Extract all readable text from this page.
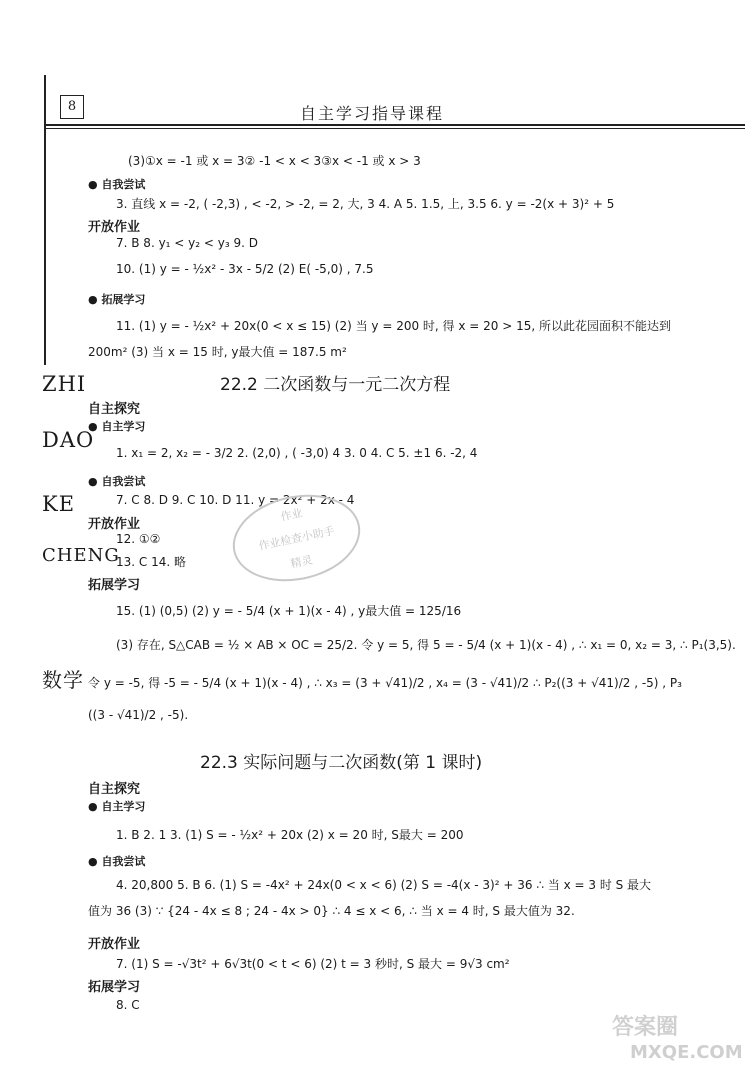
8	自主学习指导课程
ZHI
DAO
KE
CHENG
数学
(3)①x = -1 或 x = 3② -1 < x < 3③x < -1 或 x > 3
● 自我尝试
3. 直线 x = -2, ( -2,3) , < -2, > -2, = 2, 大, 3 4. A 5. 1.5, 上, 3.5 6. y = -2(x + 3)² + 5
开放作业
7. B 8. y₁ < y₂ < y₃ 9. D
10. (1) y = - ½x² - 3x - 5/2 (2) E( -5,0) , 7.5
● 拓展学习
11. (1) y = - ½x² + 20x(0 < x ≤ 15) (2) 当 y = 200 时, 得 x = 20 > 15, 所以此花园面积不能达到
200m² (3) 当 x = 15 时, y最大值 = 187.5 m²
22.2 二次函数与一元二次方程
自主探究
● 自主学习
1. x₁ = 2, x₂ = - 3/2 2. (2,0) , ( -3,0) 4 3. 0 4. C 5. ±1 6. -2, 4
● 自我尝试
7. C 8. D 9. C 10. D 11. y = 2x² + 2x - 4
开放作业
12. ①②
13. C 14. 略
拓展学习
15. (1) (0,5) (2) y = - 5/4 (x + 1)(x - 4) , y最大值 = 125/16
(3) 存在, S△CAB = ½ × AB × OC = 25/2. 令 y = 5, 得 5 = - 5/4 (x + 1)(x - 4) , ∴ x₁ = 0, x₂ = 3, ∴ P₁(3,5).
令 y = -5, 得 -5 = - 5/4 (x + 1)(x - 4) , ∴ x₃ = (3 + √41)/2 , x₄ = (3 - √41)/2 ∴ P₂((3 + √41)/2 , -5) , P₃
((3 - √41)/2 , -5).
22.3 实际问题与二次函数(第 1 课时)
自主探究
● 自主学习
1. B 2. 1 3. (1) S = - ½x² + 20x (2) x = 20 时, S最大 = 200
● 自我尝试
4. 20,800 5. B 6. (1) S = -4x² + 24x(0 < x < 6) (2) S = -4(x - 3)² + 36 ∴ 当 x = 3 时 S 最大
值为 36 (3) ∵ {24 - 4x ≤ 8 ; 24 - 4x > 0} ∴ 4 ≤ x < 6, ∴ 当 x = 4 时, S 最大值为 32.
开放作业
7. (1) S = -√3t² + 6√3t(0 < t < 6) (2) t = 3 秒时, S 最大 = 9√3 cm²
拓展学习
8. C
作业
作业检查小助手
精灵
答案圈
MXQE.COM
